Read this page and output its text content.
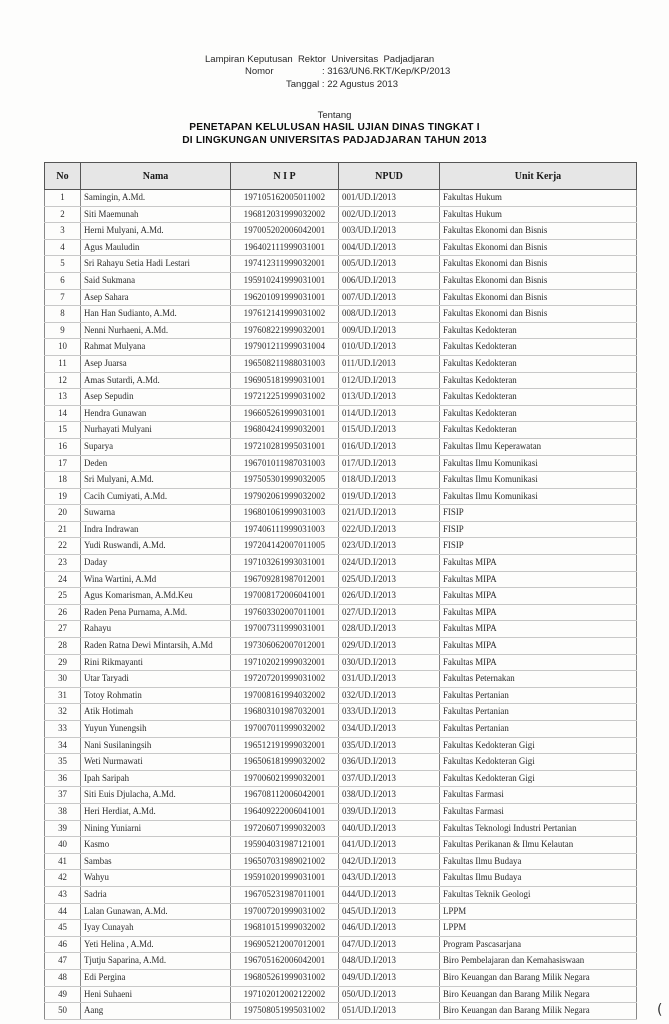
Lampiran Keputusan  Rektor  Universitas  Padjadjaran
Nomor	: 3163/UN6.RKT/Kep/KP/2013
Tanggal : 22 Agustus 2013
Tentang
PENETAPAN KELULUSAN HASIL UJIAN DINAS TINGKAT I
DI LINGKUNGAN UNIVERSITAS PADJADJARAN TAHUN 2013
No	Nama	N I P	NPUD	Unit Kerja
1	Samingin, A.Md.	197105162005011002	001/UD.I/2013	Fakultas Hukum
2	Siti Maemunah	196812031999032002	002/UD.I/2013	Fakultas Hukum
3	Herni Mulyani, A.Md.	197005202006042001	003/UD.I/2013	Fakultas Ekonomi dan Bisnis
4	Agus Mauludin	196402111999031001	004/UD.I/2013	Fakultas Ekonomi dan Bisnis
5	Sri Rahayu Setia Hadi Lestari	197412311999032001	005/UD.I/2013	Fakultas Ekonomi dan Bisnis
6	Said Sukmana	195910241999031001	006/UD.I/2013	Fakultas Ekonomi dan Bisnis
7	Asep Sahara	196201091999031001	007/UD.I/2013	Fakultas Ekonomi dan Bisnis
8	Han Han Sudianto, A.Md.	197612141999031002	008/UD.I/2013	Fakultas Ekonomi dan Bisnis
9	Nenni Nurhaeni, A.Md.	197608221999032001	009/UD.I/2013	Fakultas Kedokteran
10	Rahmat Mulyana	197901211999031004	010/UD.I/2013	Fakultas Kedokteran
11	Asep Juarsa	196508211988031003	011/UD.I/2013	Fakultas Kedokteran
12	Amas Sutardi, A.Md.	196905181999031001	012/UD.I/2013	Fakultas Kedokteran
13	Asep Sepudin	197212251999031002	013/UD.I/2013	Fakultas Kedokteran
14	Hendra Gunawan	196605261999031001	014/UD.I/2013	Fakultas Kedokteran
15	Nurhayati Mulyani	196804241999032001	015/UD.I/2013	Fakultas Kedokteran
16	Suparya	197210281995031001	016/UD.I/2013	Fakultas Ilmu Keperawatan
17	Deden	196701011987031003	017/UD.I/2013	Fakultas Ilmu Komunikasi
18	Sri Mulyani, A.Md.	197505301999032005	018/UD.I/2013	Fakultas Ilmu Komunikasi
19	Cacih Cumiyati, A.Md.	197902061999032002	019/UD.I/2013	Fakultas Ilmu Komunikasi
20	Suwarna	196801061999031003	021/UD.I/2013	FISIP
21	Indra Indrawan	197406111999031003	022/UD.I/2013	FISIP
22	Yudi Ruswandi, A.Md.	197204142007011005	023/UD.I/2013	FISIP
23	Daday	197103261993031001	024/UD.I/2013	Fakultas MIPA
24	Wina Wartini, A.Md	196709281987012001	025/UD.I/2013	Fakultas MIPA
25	Agus Komarisman, A.Md.Keu	197008172006041001	026/UD.I/2013	Fakultas MIPA
26	Raden Pena Purnama, A.Md.	197603302007011001	027/UD.I/2013	Fakultas MIPA
27	Rahayu	197007311999031001	028/UD.I/2013	Fakultas MIPA
28	Raden Ratna Dewi Mintarsih, A.Md	197306062007012001	029/UD.I/2013	Fakultas MIPA
29	Rini Rikmayanti	197102021999032001	030/UD.I/2013	Fakultas MIPA
30	Utar Taryadi	197207201999031002	031/UD.I/2013	Fakultas Peternakan
31	Totoy Rohmatin	197008161994032002	032/UD.I/2013	Fakultas Pertanian
32	Atik Hotimah	196803101987032001	033/UD.I/2013	Fakultas Pertanian
33	Yuyun Yunengsih	197007011999032002	034/UD.I/2013	Fakultas Pertanian
34	Nani Susilaningsih	196512191999032001	035/UD.I/2013	Fakultas Kedokteran Gigi
35	Weti Nurmawati	196506181999032002	036/UD.I/2013	Fakultas Kedokteran Gigi
36	Ipah Saripah	197006021999032001	037/UD.I/2013	Fakultas Kedokteran Gigi
37	Siti Euis Djulacha, A.Md.	196708112006042001	038/UD.I/2013	Fakultas Farmasi
38	Heri Herdiat, A.Md.	196409222006041001	039/UD.I/2013	Fakultas Farmasi
39	Nining Yuniarni	197206071999032003	040/UD.I/2013	Fakultas Teknologi Industri Pertanian
40	Kasmo	195904031987121001	041/UD.I/2013	Fakultas Perikanan & Ilmu Kelautan
41	Sambas	196507031989021002	042/UD.I/2013	Fakultas Ilmu Budaya
42	Wahyu	195910201999031001	043/UD.I/2013	Fakultas Ilmu Budaya
43	Sadria	196705231987011001	044/UD.I/2013	Fakultas Teknik Geologi
44	Lalan Gunawan, A.Md.	197007201999031002	045/UD.I/2013	LPPM
45	Iyay Cunayah	196810151999032002	046/UD.I/2013	LPPM
46	Yeti Helina , A.Md.	196905212007012001	047/UD.I/2013	Program Pascasarjana
47	Tjutju Saparina, A.Md.	196705162006042001	048/UD.I/2013	Biro Pembelajaran dan Kemahasiswaan
48	Edi Pergina	196805261999031002	049/UD.I/2013	Biro Keuangan dan Barang Milik Negara
49	Heni Suhaeni	197102012002122002	050/UD.I/2013	Biro Keuangan dan Barang Milik Negara
50	Aang	197508051995031002	051/UD.I/2013	Biro Keuangan dan Barang Milik Negara	(
